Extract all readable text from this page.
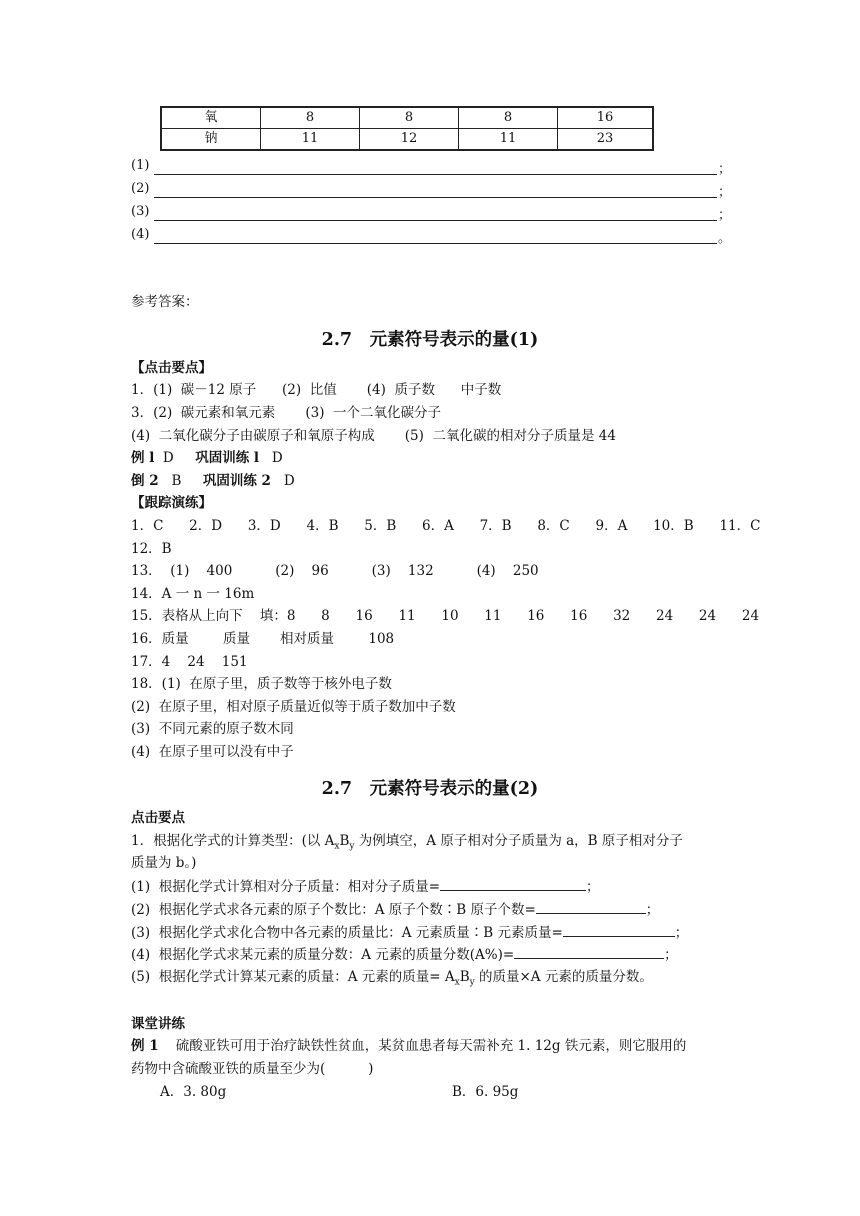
氧	8	8	8	16
钠	11	12	11	23
(1)	；
(2)	；
(3)	；
(4)	。
参考答案：
2.7　元素符号表示的量(1)
【点击要点】
1．(1)  碳－12 原子      (2)  比值       (4)  质子数      中子数
3．(2)  碳元素和氧元素       (3)  一个二氧化碳分子
(4)  二氧化碳分子由碳原子和氧原子构成       (5)  二氧化碳的相对分子质量是 44
例 l  D     巩固训练 l   D
倒 2   B     巩固训练 2   D
【跟踪演练】
1．C      2．D      3．D      4．B      5．B      6．A      7．B      8．C      9．A      10．B      11．C
12．B
13．  (1)    400          (2)    96          (3)    132          (4)    250
14．A 一 n 一 16m
15．表格从上向下    填：8      8      16      11      10      11      16      16      32      24      24      24
16．质量        质量       相对质量        108
17．4    24    151
18．(1)  在原子里，质子数等于核外电子数
(2)  在原子里，相对原子质量近似等于质子数加中子数
(3)  不同元素的原子数木同
(4)  在原子里可以没有中子
2.7　元素符号表示的量(2)
点击要点
1．根据化学式的计算类型：(以 $A_xB_y$ 为例填空，A 原子相对分子质量为 a，B 原子相对分子
质量为 b。)
(1)  根据化学式计算相对分子质量：相对分子质量=	；
(2)  根据化学式求各元素的原子个数比：A 原子个数∶B 原子个数=	；
(3)  根据化学式求化合物中各元素的质量比：A 元素质量∶B 元素质量=	；
(4)  根据化学式求某元素的质量分数：A 元素的质量分数(A%)=	；
(5)  根据化学式计算某元素的质量：A 元素的质量= $A_xB_y$ 的质量×A 元素的质量分数。
课堂讲练
例 1    硫酸亚铁可用于治疗缺铁性贫血，某贫血患者每天需补充 1. 12g 铁元素，则它服用的
药物中含硫酸亚铁的质量至少为(          )
A．3. 80g	B．6. 95g
